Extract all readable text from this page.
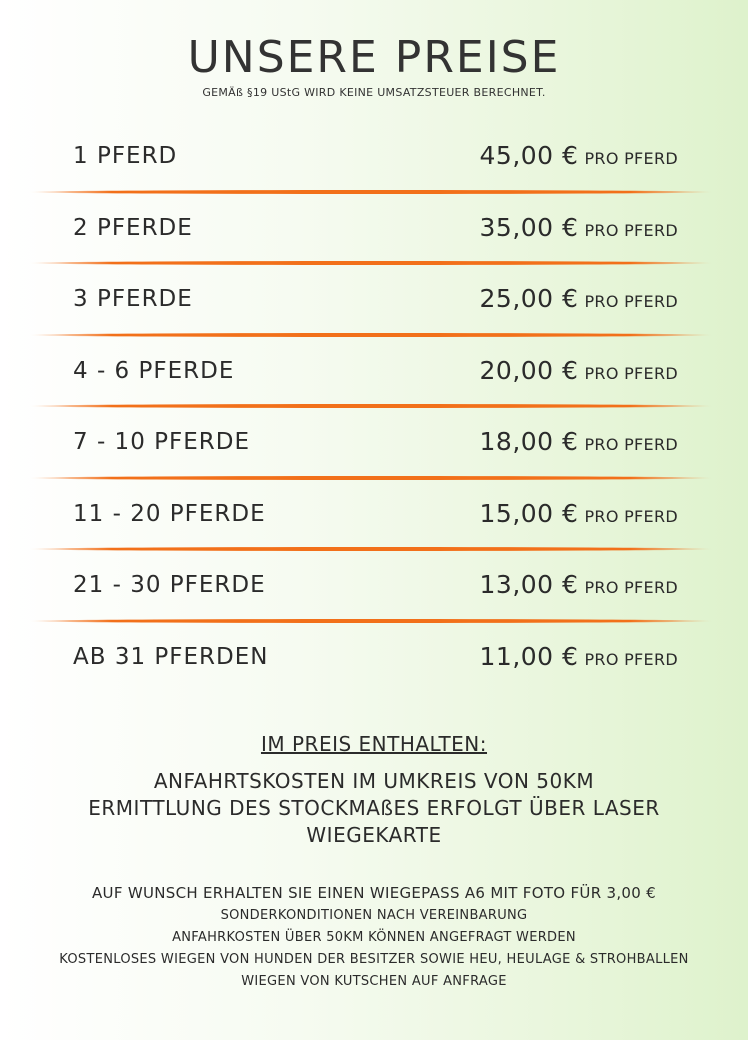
UNSERE PREISE
GEMÄß §19 UStG WIRD KEINE UMSATZSTEUER BERECHNET.
1 PFERD	45,00 € PRO PFERD
2 PFERDE	35,00 € PRO PFERD
3 PFERDE	25,00 € PRO PFERD
4 - 6 PFERDE	20,00 € PRO PFERD
7 - 10 PFERDE	18,00 € PRO PFERD
11 - 20 PFERDE	15,00 € PRO PFERD
21 - 30 PFERDE	13,00 € PRO PFERD
AB 31 PFERDEN	11,00 € PRO PFERD
IM PREIS ENTHALTEN:
ANFAHRTSKOSTEN IM UMKREIS VON 50KM
ERMITTLUNG DES STOCKMAßES ERFOLGT ÜBER LASER
WIEGEKARTE
AUF WUNSCH ERHALTEN SIE EINEN WIEGEPASS A6 MIT FOTO FÜR 3,00 €
SONDERKONDITIONEN NACH VEREINBARUNG
ANFAHRKOSTEN ÜBER 50KM KÖNNEN ANGEFRAGT WERDEN
KOSTENLOSES WIEGEN VON HUNDEN DER BESITZER SOWIE HEU, HEULAGE & STROHBALLEN
WIEGEN VON KUTSCHEN AUF ANFRAGE
